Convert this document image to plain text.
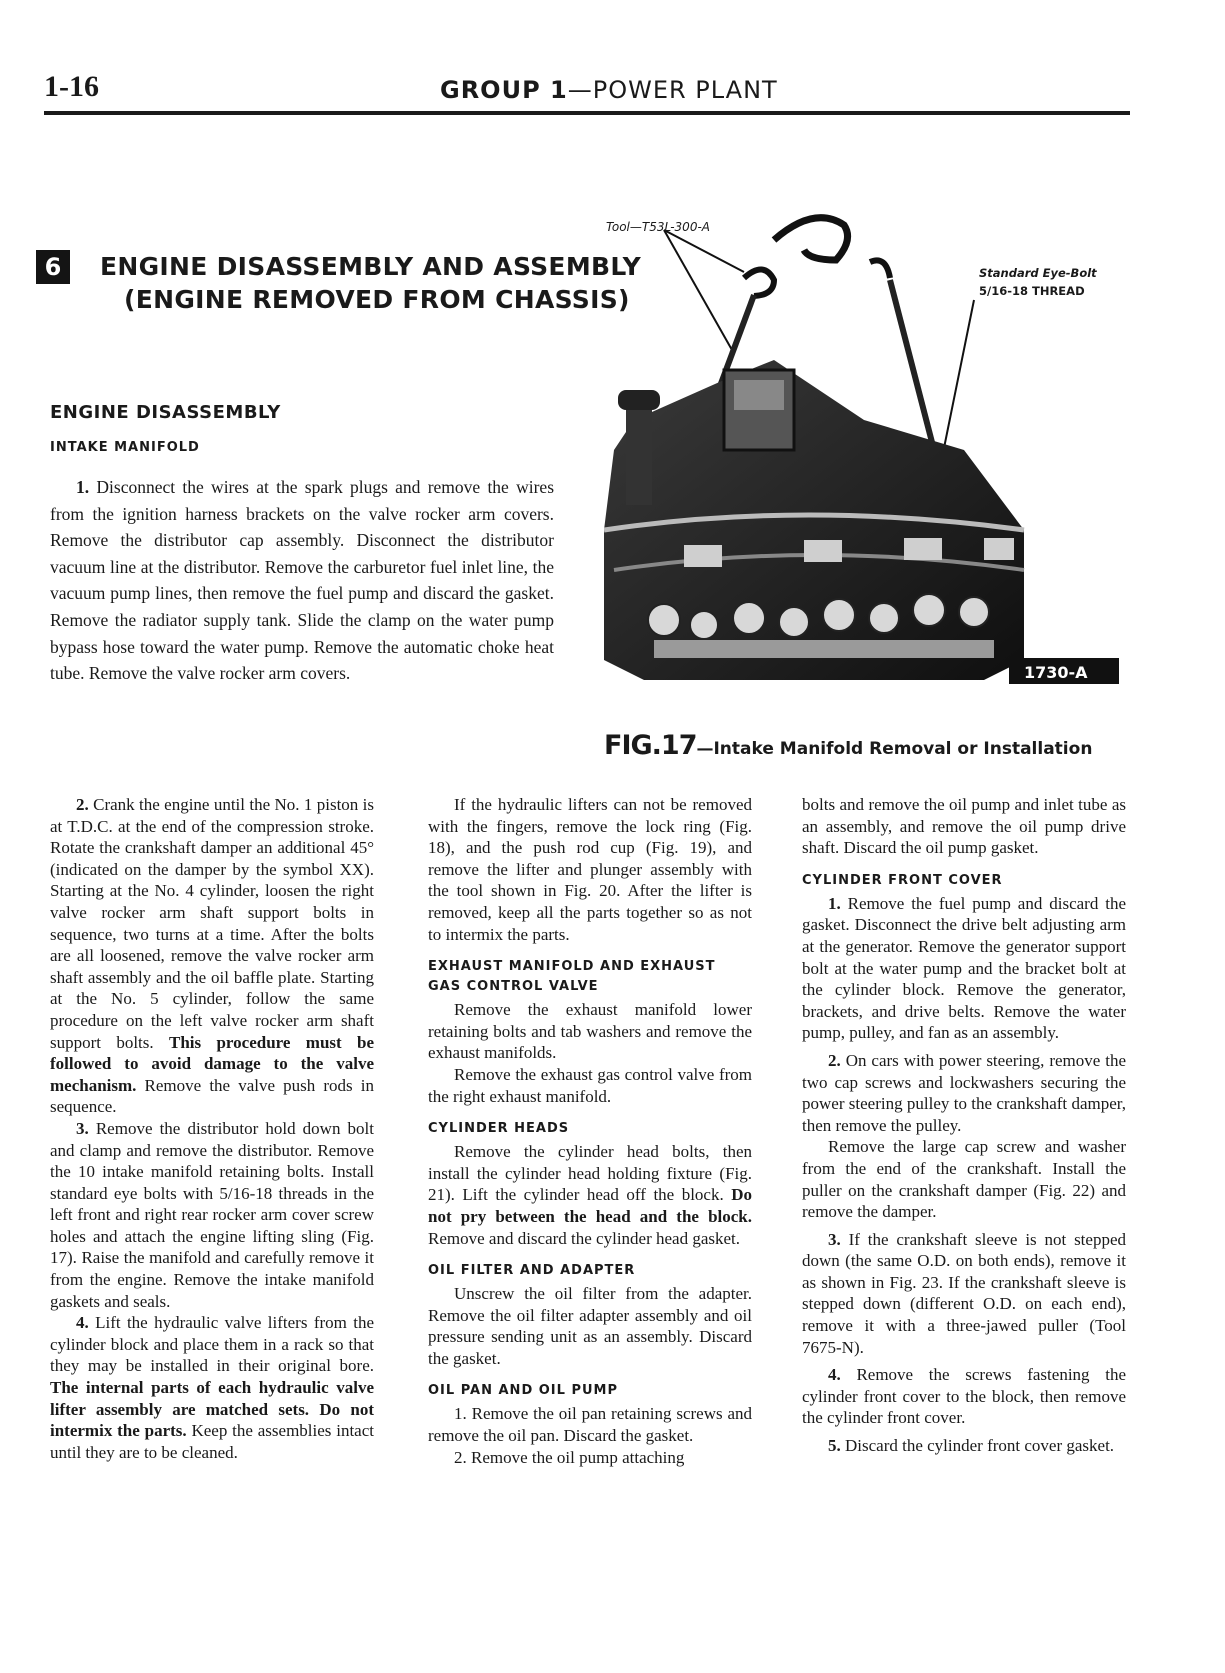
1-16	GROUP 1—POWER PLANT
6	ENGINE DISASSEMBLY AND ASSEMBLY
(ENGINE REMOVED FROM CHASSIS)
ENGINE DISASSEMBLY
INTAKE MANIFOLD

1. Disconnect the wires at the spark plugs and remove the wires from the ignition harness brackets on the valve rocker arm covers. Remove the distributor cap assembly. Disconnect the distributor vacuum line at the distributor. Remove the carburetor fuel inlet line, the vacuum pump lines, then remove the fuel pump and discard the gasket. Remove the radiator supply tank. Slide the clamp on the water pump bypass hose toward the water pump. Remove the automatic choke heat tube. Remove the valve rocker arm covers.	1730-A
Tool—T53L-300-A
Standard Eye-Bolt
5/16-18 THREAD
FIG.17—Intake Manifold Removal or Installation

2. Crank the engine until the No. 1 piston is at T.D.C. at the end of the compression stroke. Rotate the crankshaft damper an additional 45° (indicated on the damper by the symbol XX). Starting at the No. 4 cylinder, loosen the right valve rocker arm shaft support bolts in sequence, two turns at a time. After the bolts are all loosened, remove the valve rocker arm shaft assembly and the oil baffle plate. Starting at the No. 5 cylinder, follow the same procedure on the left valve rocker arm shaft support bolts. This procedure must be followed to avoid damage to the valve mechanism. Remove the valve push rods in sequence.

3. Remove the distributor hold down bolt and clamp and remove the distributor. Remove the 10 intake manifold retaining bolts. Install standard eye bolts with 5/16-18 threads in the left front and right rear rocker arm cover screw holes and attach the engine lifting sling (Fig. 17). Raise the manifold and carefully remove it from the engine. Remove the intake manifold gaskets and seals.

4. Lift the hydraulic valve lifters from the cylinder block and place them in a rack so that they may be installed in their original bore. The internal parts of each hydraulic valve lifter assembly are matched sets. Do not intermix the parts. Keep the assemblies intact until they are to be cleaned.

If the hydraulic lifters can not be removed with the fingers, remove the lock ring (Fig. 18), and the push rod cup (Fig. 19), and remove the lifter and plunger assembly with the tool shown in Fig. 20. After the lifter is removed, keep all the parts together so as not to intermix the parts.

EXHAUST MANIFOLD AND EXHAUST GAS CONTROL VALVE

Remove the exhaust manifold lower retaining bolts and tab washers and remove the exhaust manifolds.

Remove the exhaust gas control valve from the right exhaust manifold.

CYLINDER HEADS

Remove the cylinder head bolts, then install the cylinder head holding fixture (Fig. 21). Lift the cylinder head off the block. Do not pry between the head and the block. Remove and discard the cylinder head gasket.

OIL FILTER AND ADAPTER

Unscrew the oil filter from the adapter. Remove the oil filter adapter assembly and oil pressure sending unit as an assembly. Discard the gasket.

OIL PAN AND OIL PUMP

1. Remove the oil pan retaining screws and remove the oil pan. Discard the gasket.

2. Remove the oil pump attaching

bolts and remove the oil pump and inlet tube as an assembly, and remove the oil pump drive shaft. Discard the oil pump gasket.

CYLINDER FRONT COVER

1. Remove the fuel pump and discard the gasket. Disconnect the drive belt adjusting arm at the generator. Remove the generator support bolt at the water pump and the bracket bolt at the cylinder block. Remove the generator, brackets, and drive belts. Remove the water pump, pulley, and fan as an assembly.

2. On cars with power steering, remove the two cap screws and lockwashers securing the power steering pulley to the crankshaft damper, then remove the pulley.

Remove the large cap screw and washer from the end of the crankshaft. Install the puller on the crankshaft damper (Fig. 22) and remove the damper.

3. If the crankshaft sleeve is not stepped down (the same O.D. on both ends), remove it as shown in Fig. 23. If the crankshaft sleeve is stepped down (different O.D. on each end), remove it with a three-jawed puller (Tool 7675-N).

4. Remove the screws fastening the cylinder front cover to the block, then remove the cylinder front cover.

5. Discard the cylinder front cover gasket.
